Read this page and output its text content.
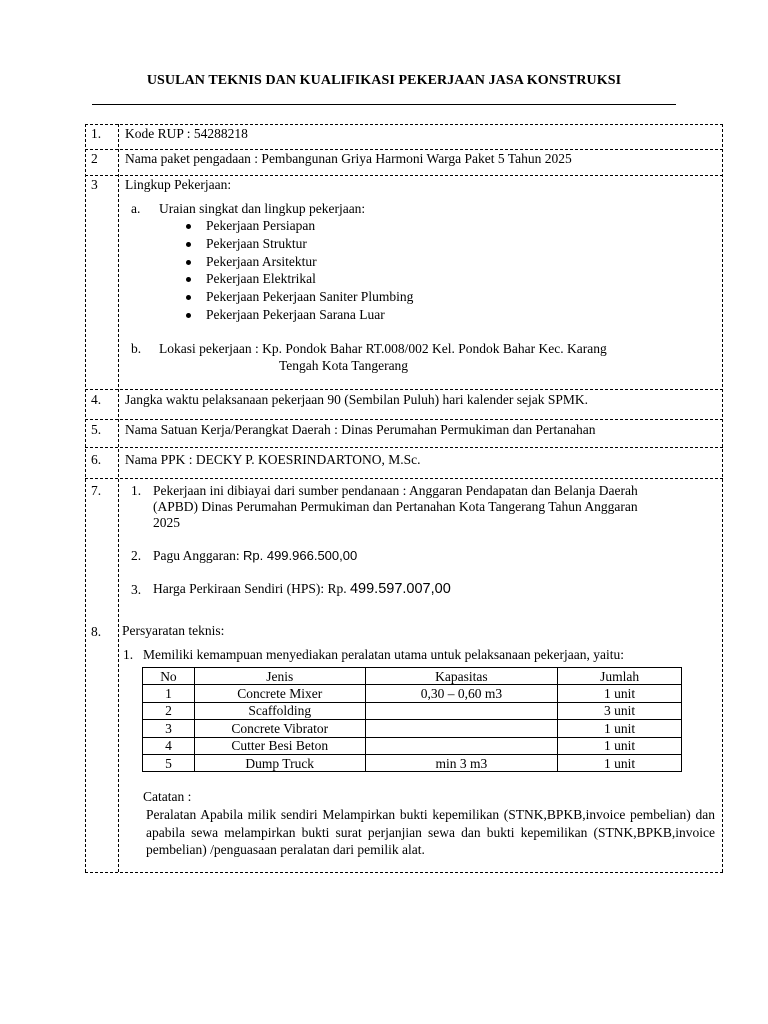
USULAN TEKNIS DAN KUALIFIKASI PEKERJAAN JASA KONSTRUKSI
1. Kode RUP : 54288218
2 Nama paket pengadaan : Pembangunan Griya Harmoni Warga Paket 5 Tahun 2025
3 Lingkup Pekerjaan:
a. Uraian singkat dan lingkup pekerjaan:
Pekerjaan Persiapan
Pekerjaan Struktur
Pekerjaan Arsitektur
Pekerjaan Elektrikal
Pekerjaan Pekerjaan Saniter Plumbing
Pekerjaan Pekerjaan Sarana Luar
b. Lokasi pekerjaan : Kp. Pondok Bahar RT.008/002 Kel. Pondok Bahar Kec. Karang
Tengah Kota Tangerang
4. Jangka waktu pelaksanaan pekerjaan 90 (Sembilan Puluh) hari kalender sejak SPMK.
5. Nama Satuan Kerja/Perangkat Daerah : Dinas Perumahan Permukiman dan Pertanahan
6. Nama PPK : DECKY P. KOESRINDARTONO, M.Sc.
7. 1. Pekerjaan ini dibiayai dari sumber pendanaan : Anggaran Pendapatan dan Belanja Daerah
(APBD) Dinas Perumahan Permukiman dan Pertanahan Kota Tangerang Tahun Anggaran
2025
2. Pagu Anggaran: Rp. 499.966.500,00
3. Harga Perkiraan Sendiri (HPS): Rp. 499.597.007,00
8. Persyaratan teknis:
1. Memiliki kemampuan menyediakan peralatan utama untuk pelaksanaan pekerjaan, yaitu:
No	Jenis	Kapasitas	Jumlah
1	Concrete Mixer	0,30 – 0,60 m3	1 unit
2	Scaffolding		3 unit
3	Concrete Vibrator		1 unit
4	Cutter Besi Beton		1 unit
5	Dump Truck	min 3 m3	1 unit
Catatan :
Peralatan Apabila milik sendiri Melampirkan bukti kepemilikan (STNK,BPKB,invoice pembelian) dan apabila sewa melampirkan bukti surat perjanjian sewa dan bukti kepemilikan (STNK,BPKB,invoice pembelian) /penguasaan peralatan dari pemilik alat.
